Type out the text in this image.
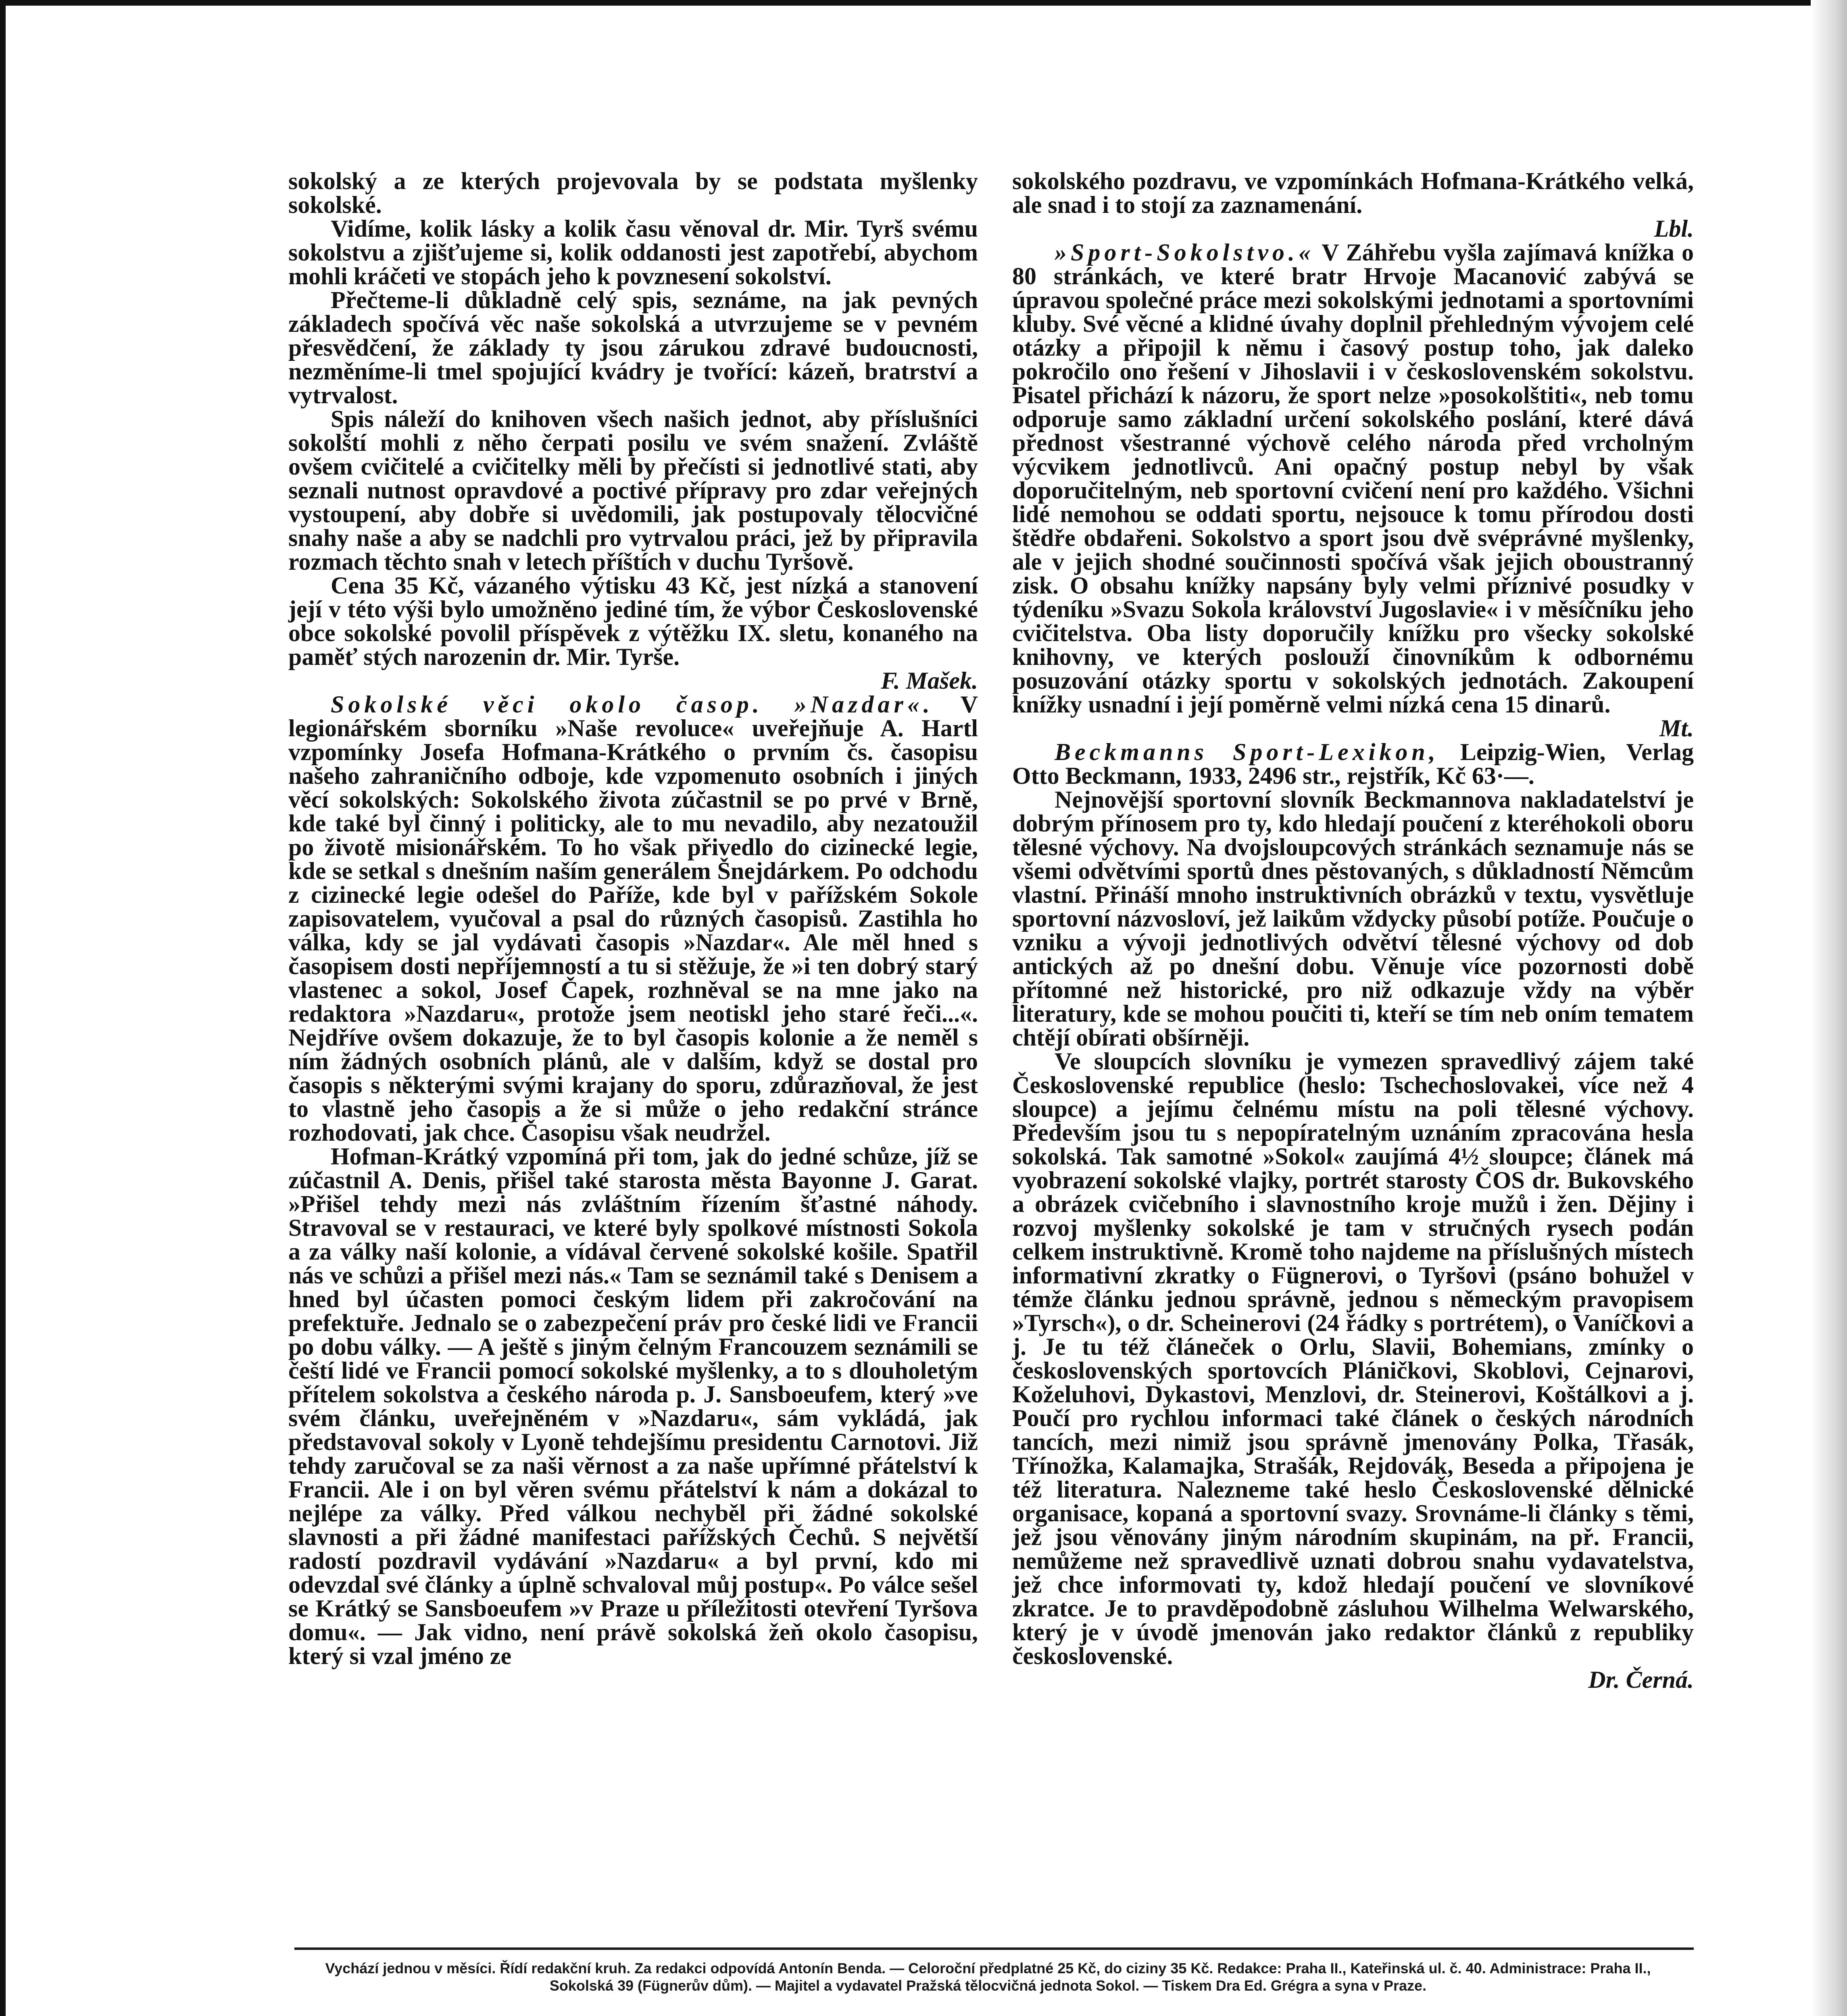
sokolský a ze kterých projevovala by se podstata myšlenky sokolské.

Vidíme, kolik lásky a kolik času věnoval dr. Mir. Tyrš svému sokolstvu a zjišťujeme si, kolik oddanosti jest zapotřebí, abychom mohli kráčeti ve stopách jeho k povznesení sokolství.

Přečteme-li důkladně celý spis, seznáme, na jak pevných základech spočívá věc naše sokolská a utvrzujeme se v pevném přesvědčení, že základy ty jsou zárukou zdravé budoucnosti, nezměníme-li tmel spojující kvádry je tvořící: kázeň, bratrství a vytrvalost.

Spis náleží do knihoven všech našich jednot, aby příslušníci sokolští mohli z něho čerpati posilu ve svém snažení. Zvláště ovšem cvičitelé a cvičitelky měli by přečísti si jednotlivé stati, aby seznali nutnost opravdové a poctivé přípravy pro zdar veřejných vystoupení, aby dobře si uvědomili, jak postupovaly tělocvičné snahy naše a aby se nadchli pro vytrvalou práci, jež by připravila rozmach těchto snah v letech příštích v duchu Tyršově.

Cena 35 Kč, vázaného výtisku 43 Kč, jest nízká a stanovení její v této výši bylo umožněno jediné tím, že výbor Československé obce sokolské povolil příspěvek z výtěžku IX. sletu, konaného na paměť stých narozenin dr. Mir. Tyrše.

F. Mašek.

Sokolské věci okolo časop. »Nazdar«. V legionářském sborníku »Naše revoluce« uveřejňuje A. Hartl vzpomínky Josefa Hofmana-Krátkého o prvním čs. časopisu našeho zahraničního odboje, kde vzpomenuto osobních i jiných věcí sokolských: Sokolského života zúčastnil se po prvé v Brně, kde také byl činný i politicky, ale to mu nevadilo, aby nezatoužil po životě misionářském. To ho však přivedlo do cizinecké legie, kde se setkal s dnešním naším generálem Šnejdárkem. Po odchodu z cizinecké legie odešel do Paříže, kde byl v pařížském Sokole zapisovatelem, vyučoval a psal do různých časopisů. Zastihla ho válka, kdy se jal vydávati časopis »Nazdar«. Ale měl hned s časopisem dosti nepříjemností a tu si stěžuje, že »i ten dobrý starý vlastenec a sokol, Josef Čapek, rozhněval se na mne jako na redaktora »Nazdaru«, protože jsem neotiskl jeho staré řeči...«. Nejdříve ovšem dokazuje, že to byl časopis kolonie a že neměl s ním žádných osobních plánů, ale v dalším, když se dostal pro časopis s některými svými krajany do sporu, zdůrazňoval, že jest to vlastně jeho časopis a že si může o jeho redakční stránce rozhodovati, jak chce. Časopisu však neudržel.

Hofman-Krátký vzpomíná při tom, jak do jedné schůze, jíž se zúčastnil A. Denis, přišel také starosta města Bayonne J. Garat. »Přišel tehdy mezi nás zvláštním řízením šťastné náhody. Stravoval se v restauraci, ve které byly spolkové místnosti Sokola a za války naší kolonie, a vídával červené sokolské košile. Spatřil nás ve schůzi a přišel mezi nás.« Tam se seznámil také s Denisem a hned byl účasten pomoci českým lidem při zakročování na prefektuře. Jednalo se o zabezpečení práv pro české lidi ve Francii po dobu války. — A ještě s jiným čelným Francouzem seznámili se čeští lidé ve Francii pomocí sokolské myšlenky, a to s dlouholetým přítelem sokolstva a českého národa p. J. Sansboeufem, který »ve svém článku, uveřejněném v »Nazdaru«, sám vykládá, jak představoval sokoly v Lyoně tehdejšímu presidentu Carnotovi. Již tehdy zaručoval se za naši věrnost a za naše upřímné přátelství k Francii. Ale i on byl věren svému přátelství k nám a dokázal to nejlépe za války. Před válkou nechyběl při žádné sokolské slavnosti a při žádné manifestaci pařížských Čechů. S největší radostí pozdravil vydávání »Nazdaru« a byl první, kdo mi odevzdal své články a úplně schvaloval můj postup«. Po válce sešel se Krátký se Sansboeufem »v Praze u příležitosti otevření Tyršova domu«. — Jak vidno, není právě sokolská žeň okolo časopisu, který si vzal jméno ze

sokolského pozdravu, ve vzpomínkách Hofmana-Krátkého velká, ale snad i to stojí za zaznamenání.

Lbl.

»Sport-Sokolstvo.« V Záhřebu vyšla zajímavá knížka o 80 stránkách, ve které bratr Hrvoje Macanović zabývá se úpravou společné práce mezi sokolskými jednotami a sportovními kluby. Své věcné a klidné úvahy doplnil přehledným vývojem celé otázky a připojil k němu i časový postup toho, jak daleko pokročilo ono řešení v Jihoslavii i v československém sokolstvu. Pisatel přichází k názoru, že sport nelze »posokolštiti«, neb tomu odporuje samo základní určení sokolského poslání, které dává přednost všestranné výchově celého národa před vrcholným výcvikem jednotlivců. Ani opačný postup nebyl by však doporučitelným, neb sportovní cvičení není pro každého. Všichni lidé nemohou se oddati sportu, nejsouce k tomu přírodou dosti štědře obdařeni. Sokolstvo a sport jsou dvě svéprávné myšlenky, ale v jejich shodné součinnosti spočívá však jejich oboustranný zisk. O obsahu knížky napsány byly velmi příznivé posudky v týdeníku »Svazu Sokola království Jugoslavie« i v měsíčníku jeho cvičitelstva. Oba listy doporučily knížku pro všecky sokolské knihovny, ve kterých poslouží činovníkům k odbornému posuzování otázky sportu v sokolských jednotách. Zakoupení knížky usnadní i její poměrně velmi nízká cena 15 dinarů.

Mt.

Beckmanns Sport-Lexikon, Leipzig-Wien, Verlag Otto Beckmann, 1933, 2496 str., rejstřík, Kč 63·—.

Nejnovější sportovní slovník Beckmannova nakladatelství je dobrým přínosem pro ty, kdo hledají poučení z kteréhokoli oboru tělesné výchovy. Na dvojsloupcových stránkách seznamuje nás se všemi odvětvími sportů dnes pěstovaných, s důkladností Němcům vlastní. Přináší mnoho instruktivních obrázků v textu, vysvětluje sportovní názvosloví, jež laikům vždycky působí potíže. Poučuje o vzniku a vývoji jednotlivých odvětví tělesné výchovy od dob antických až po dnešní dobu. Věnuje více pozornosti době přítomné než historické, pro niž odkazuje vždy na výběr literatury, kde se mohou poučiti ti, kteří se tím neb oním tematem chtějí obírati obšírněji.

Ve sloupcích slovníku je vymezen spravedlivý zájem také Československé republice (heslo: Tschechoslovakei, více než 4 sloupce) a jejímu čelnému místu na poli tělesné výchovy. Především jsou tu s nepopíratelným uznáním zpracována hesla sokolská. Tak samotné »Sokol« zaujímá 4½ sloupce; článek má vyobrazení sokolské vlajky, portrét starosty ČOS dr. Bukovského a obrázek cvičebního i slavnostního kroje mužů i žen. Dějiny i rozvoj myšlenky sokolské je tam v stručných rysech podán celkem instruktivně. Kromě toho najdeme na příslušných místech informativní zkratky o Fügnerovi, o Tyršovi (psáno bohužel v témže článku jednou správně, jednou s německým pravopisem »Tyrsch«), o dr. Scheinerovi (24 řádky s portrétem), o Vaníčkovi a j. Je tu též článeček o Orlu, Slavii, Bohemians, zmínky o československých sportovcích Pláničkovi, Skoblovi, Cejnarovi, Koželuhovi, Dykastovi, Menzlovi, dr. Steinerovi, Koštálkovi a j. Poučí pro rychlou informaci také článek o českých národních tancích, mezi nimiž jsou správně jmenovány Polka, Třasák, Třínožka, Kalamajka, Strašák, Rejdovák, Beseda a připojena je též literatura. Nalezneme také heslo Československé dělnické organisace, kopaná a sportovní svazy. Srovnáme-li články s těmi, jež jsou věnovány jiným národním skupinám, na př. Francii, nemůžeme než spravedlivě uznati dobrou snahu vydavatelstva, jež chce informovati ty, kdož hledají poučení ve slovníkové zkratce. Je to pravděpodobně zásluhou Wilhelma Welwarského, který je v úvodě jmenován jako redaktor článků z republiky československé.

Dr. Černá.
Vychází jednou v měsíci. Řídí redakční kruh. Za redakci odpovídá Antonín Benda. — Celoroční předplatné 25 Kč, do ciziny 35 Kč. Redakce: Praha II., Kateřinská ul. č. 40. Administrace: Praha II., Sokolská 39 (Fügnerův dům). — Majitel a vydavatel Pražská tělocvičná jednota Sokol. — Tiskem Dra Ed. Grégra a syna v Praze.
